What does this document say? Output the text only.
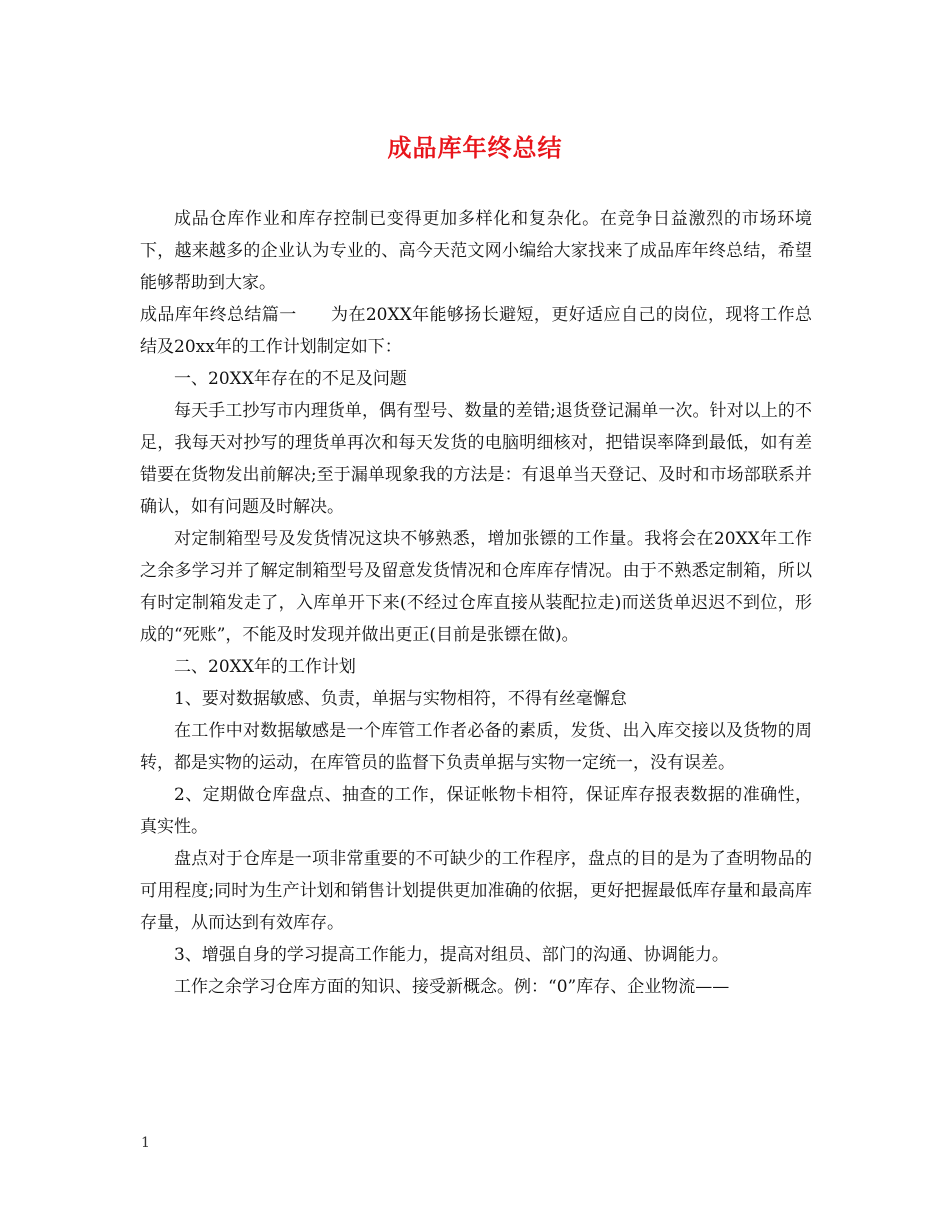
成品库年终总结

成品仓库作业和库存控制已变得更加多样化和复杂化。在竞争日益激烈的市场环境下，越来越多的企业认为专业的、高今天范文网小编给大家找来了成品库年终总结，希望能够帮助到大家。

成品库年终总结篇一 为在20XX年能够扬长避短，更好适应自己的岗位，现将工作总结及20xx年的工作计划制定如下：

一、20XX年存在的不足及问题

每天手工抄写市内理货单，偶有型号、数量的差错;退货登记漏单一次。针对以上的不足，我每天对抄写的理货单再次和每天发货的电脑明细核对，把错误率降到最低，如有差错要在货物发出前解决;至于漏单现象我的方法是：有退单当天登记、及时和市场部联系并确认，如有问题及时解决。

对定制箱型号及发货情况这块不够熟悉，增加张镖的工作量。我将会在20XX年工作之余多学习并了解定制箱型号及留意发货情况和仓库库存情况。由于不熟悉定制箱，所以有时定制箱发走了，入库单开下来(不经过仓库直接从装配拉走)而送货单迟迟不到位，形成的“死账”，不能及时发现并做出更正(目前是张镖在做)。

二、20XX年的工作计划

1、要对数据敏感、负责，单据与实物相符，不得有丝毫懈怠

在工作中对数据敏感是一个库管工作者必备的素质，发货、出入库交接以及货物的周转，都是实物的运动，在库管员的监督下负责单据与实物一定统一，没有误差。

2、定期做仓库盘点、抽查的工作，保证帐物卡相符，保证库存报表数据的准确性，真实性。

盘点对于仓库是一项非常重要的不可缺少的工作程序，盘点的目的是为了查明物品的可用程度;同时为生产计划和销售计划提供更加准确的依据，更好把握最低库存量和最高库存量，从而达到有效库存。

3、增强自身的学习提高工作能力，提高对组员、部门的沟通、协调能力。

工作之余学习仓库方面的知识、接受新概念。例：“0”库存、企业物流——

1
